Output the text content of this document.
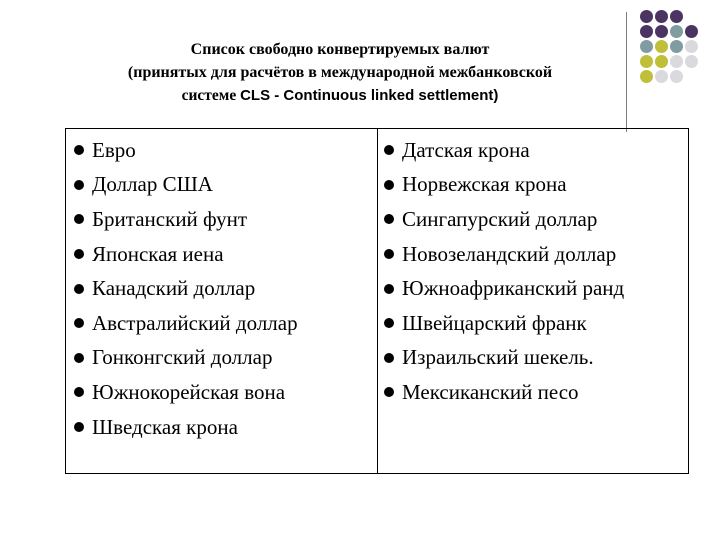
Список свободно конвертируемых валют
(принятых для расчётов в международной межбанковской
системе CLS - Continuous linked settlement)
Евро
Доллар США
Британский фунт
Японская иена
Канадский доллар
Австралийский доллар
Гонконгский доллар
Южнокорейская вона
Шведская крона
Датская крона
Норвежская крона
Сингапурский доллар
Новозеландский доллар
Южноафриканский ранд
Швейцарский франк
Израильский шекель.
Мексиканский песо
